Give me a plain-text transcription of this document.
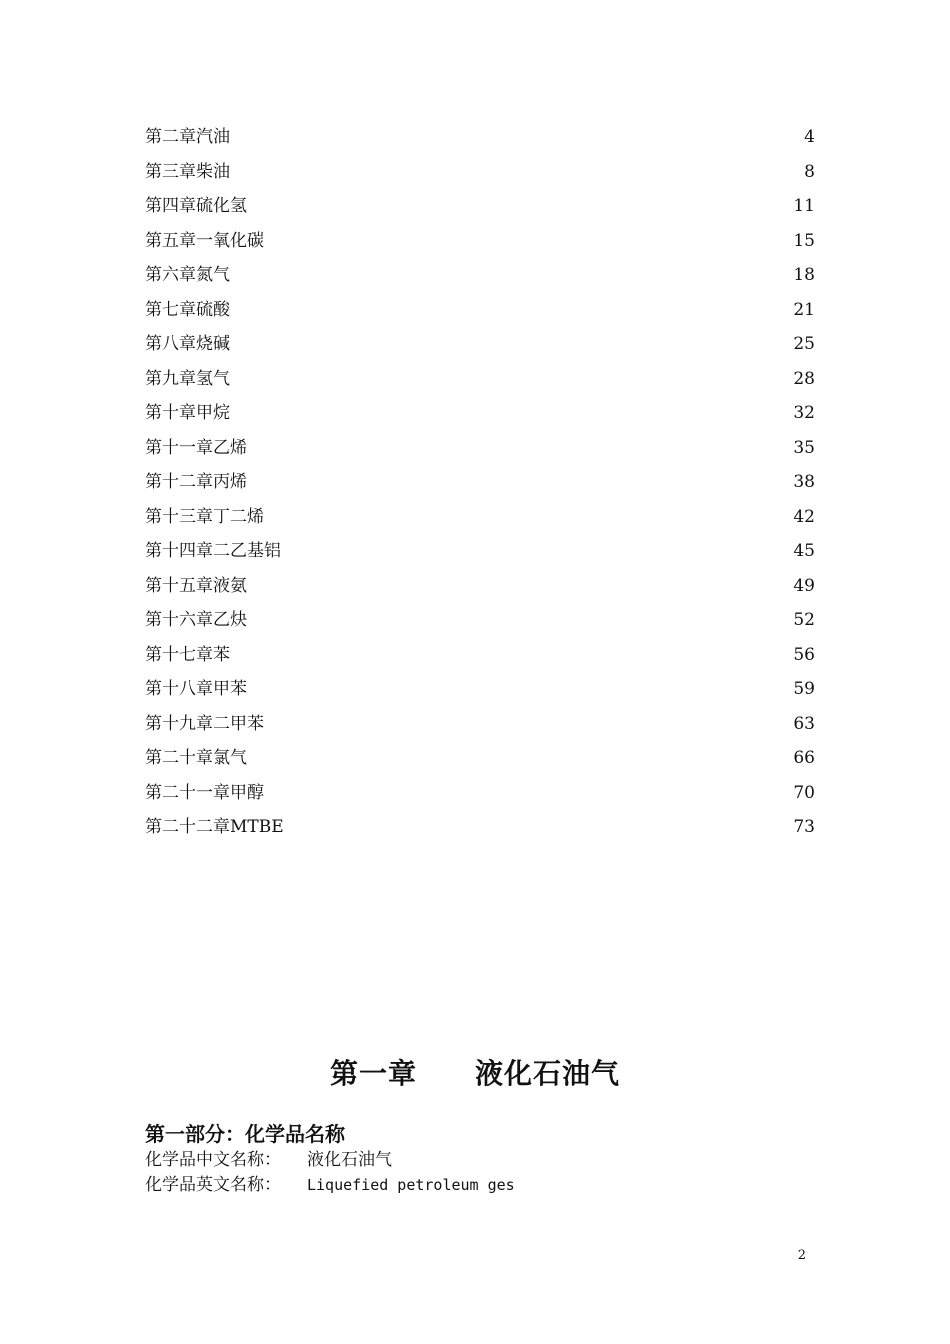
第二章汽油	4
第三章柴油	8
第四章硫化氢	11
第五章一氧化碳	15
第六章氮气	18
第七章硫酸	21
第八章烧碱	25
第九章氢气	28
第十章甲烷	32
第十一章乙烯	35
第十二章丙烯	38
第十三章丁二烯	42
第十四章二乙基铝	45
第十五章液氨	49
第十六章乙炔	52
第十七章苯	56
第十八章甲苯	59
第十九章二甲苯	63
第二十章氯气	66
第二十一章甲醇	70
第二十二章MTBE	73
第一章 液化石油气
第一部分：化学品名称
化学品中文名称： 液化石油气
化学品英文名称： Liquefied petroleum ges
2
